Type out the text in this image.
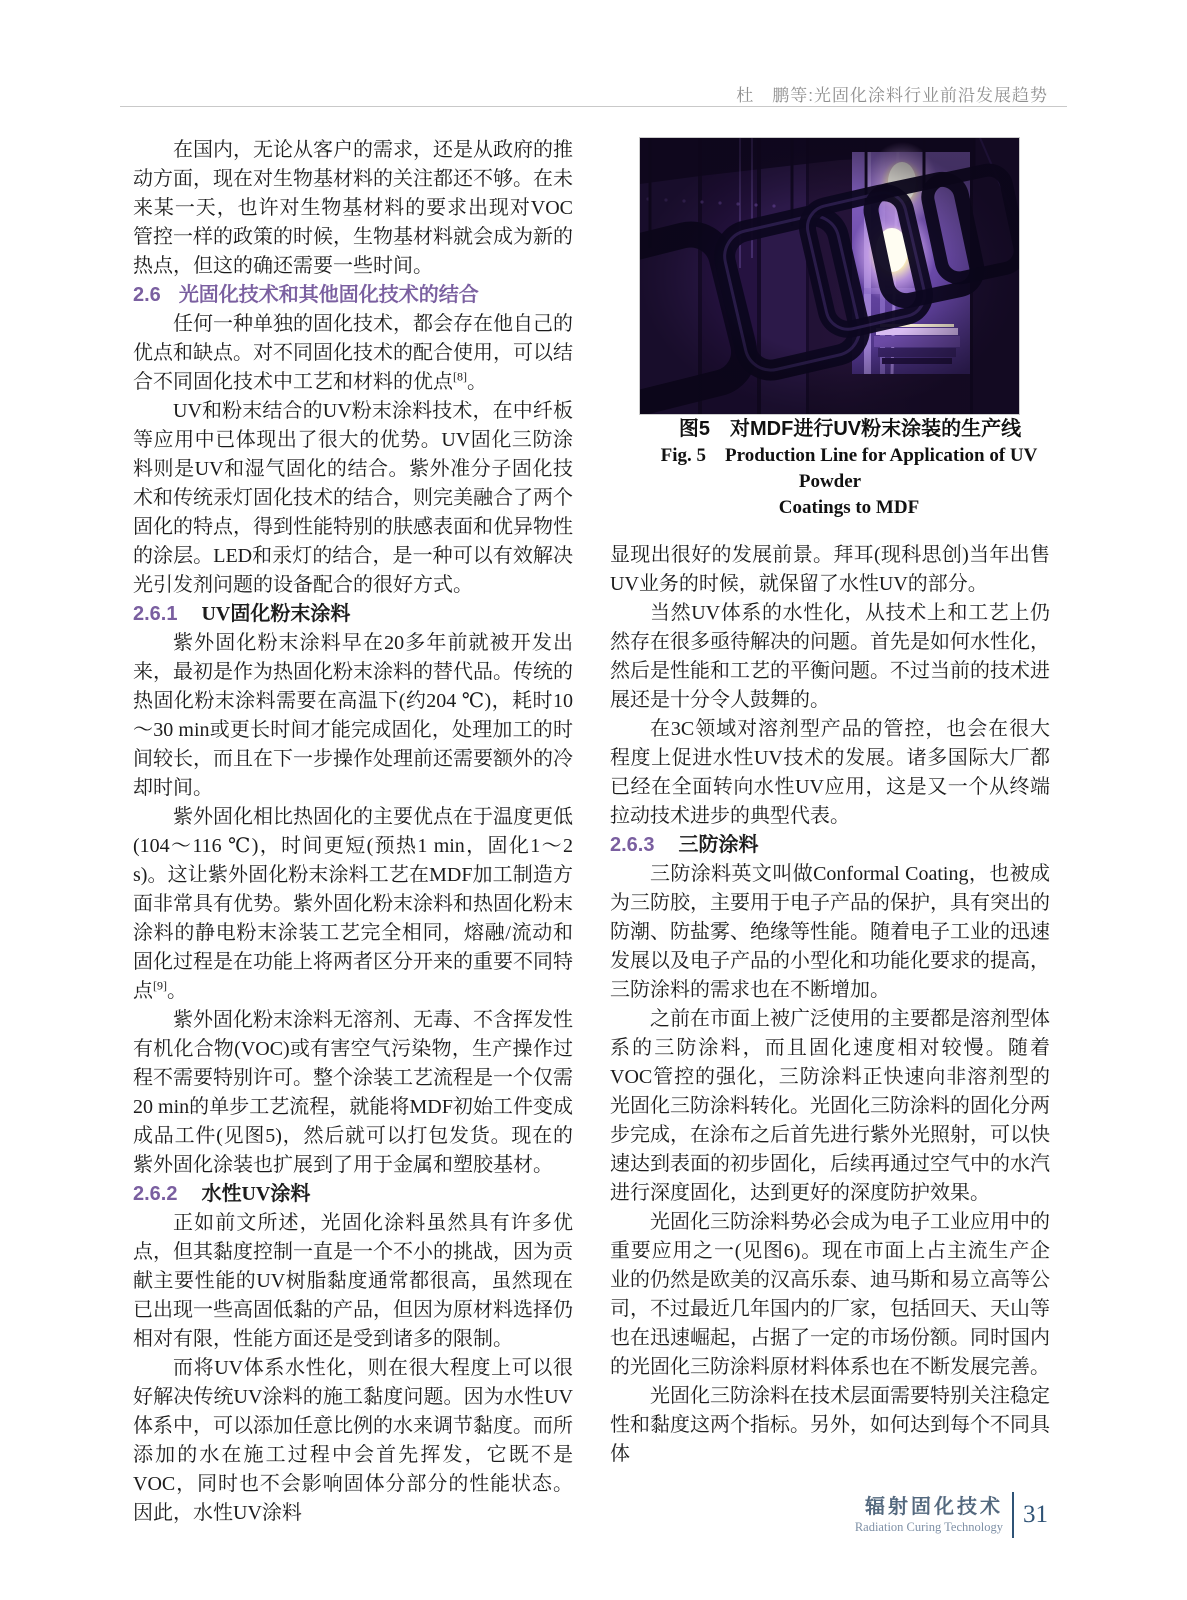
杜　鹏等:光固化涂料行业前沿发展趋势

在国内，无论从客户的需求，还是从政府的推动方面，现在对生物基材料的关注都还不够。在未来某一天，也许对生物基材料的要求出现对VOC管控一样的政策的时候，生物基材料就会成为新的热点，但这的确还需要一些时间。

2.6 光固化技术和其他固化技术的结合

任何一种单独的固化技术，都会存在他自己的优点和缺点。对不同固化技术的配合使用，可以结合不同固化技术中工艺和材料的优点[8]。

UV和粉末结合的UV粉末涂料技术，在中纤板等应用中已体现出了很大的优势。UV固化三防涂料则是UV和湿气固化的结合。紫外准分子固化技术和传统汞灯固化技术的结合，则完美融合了两个固化的特点，得到性能特别的肤感表面和优异物性的涂层。LED和汞灯的结合，是一种可以有效解决光引发剂问题的设备配合的很好方式。

2.6.1 UV固化粉末涂料

紫外固化粉末涂料早在20多年前就被开发出来，最初是作为热固化粉末涂料的替代品。传统的热固化粉末涂料需要在高温下(约204 ℃)，耗时10～30 min或更长时间才能完成固化，处理加工的时间较长，而且在下一步操作处理前还需要额外的冷却时间。

紫外固化相比热固化的主要优点在于温度更低(104～116 ℃)，时间更短(预热1 min，固化1～2 s)。这让紫外固化粉末涂料工艺在MDF加工制造方面非常具有优势。紫外固化粉末涂料和热固化粉末涂料的静电粉末涂装工艺完全相同，熔融/流动和固化过程是在功能上将两者区分开来的重要不同特点[9]。

紫外固化粉末涂料无溶剂、无毒、不含挥发性有机化合物(VOC)或有害空气污染物，生产操作过程不需要特别许可。整个涂装工艺流程是一个仅需20 min的单步工艺流程，就能将MDF初始工件变成成品工件(见图5)，然后就可以打包发货。现在的紫外固化涂装也扩展到了用于金属和塑胶基材。

2.6.2 水性UV涂料

正如前文所述，光固化涂料虽然具有许多优点，但其黏度控制一直是一个不小的挑战，因为贡献主要性能的UV树脂黏度通常都很高，虽然现在已出现一些高固低黏的产品，但因为原材料选择仍相对有限，性能方面还是受到诸多的限制。

而将UV体系水性化，则在很大程度上可以很好解决传统UV涂料的施工黏度问题。因为水性UV体系中，可以添加任意比例的水来调节黏度。而所添加的水在施工过程中会首先挥发，它既不是VOC，同时也不会影响固体分部分的性能状态。因此，水性UV涂料

图5　对MDF进行UV粉末涂装的生产线

Fig. 5　Production Line for Application of UV Powder

Coatings to MDF

显现出很好的发展前景。拜耳(现科思创)当年出售UV业务的时候，就保留了水性UV的部分。

当然UV体系的水性化，从技术上和工艺上仍然存在很多亟待解决的问题。首先是如何水性化，然后是性能和工艺的平衡问题。不过当前的技术进展还是十分令人鼓舞的。

在3C领域对溶剂型产品的管控，也会在很大程度上促进水性UV技术的发展。诸多国际大厂都已经在全面转向水性UV应用，这是又一个从终端拉动技术进步的典型代表。

2.6.3 三防涂料

三防涂料英文叫做Conformal Coating，也被成为三防胶，主要用于电子产品的保护，具有突出的防潮、防盐雾、绝缘等性能。随着电子工业的迅速发展以及电子产品的小型化和功能化要求的提高，三防涂料的需求也在不断增加。

之前在市面上被广泛使用的主要都是溶剂型体系的三防涂料，而且固化速度相对较慢。随着VOC管控的强化，三防涂料正快速向非溶剂型的光固化三防涂料转化。光固化三防涂料的固化分两步完成，在涂布之后首先进行紫外光照射，可以快速达到表面的初步固化，后续再通过空气中的水汽进行深度固化，达到更好的深度防护效果。

光固化三防涂料势必会成为电子工业应用中的重要应用之一(见图6)。现在市面上占主流生产企业的仍然是欧美的汉高乐泰、迪马斯和易立高等公司，不过最近几年国内的厂家，包括回天、天山等也在迅速崛起，占据了一定的市场份额。同时国内的光固化三防涂料原材料体系也在不断发展完善。

光固化三防涂料在技术层面需要特别关注稳定性和黏度这两个指标。另外，如何达到每个不同具体

辐射固化技术
Radiation Curing Technology 31
